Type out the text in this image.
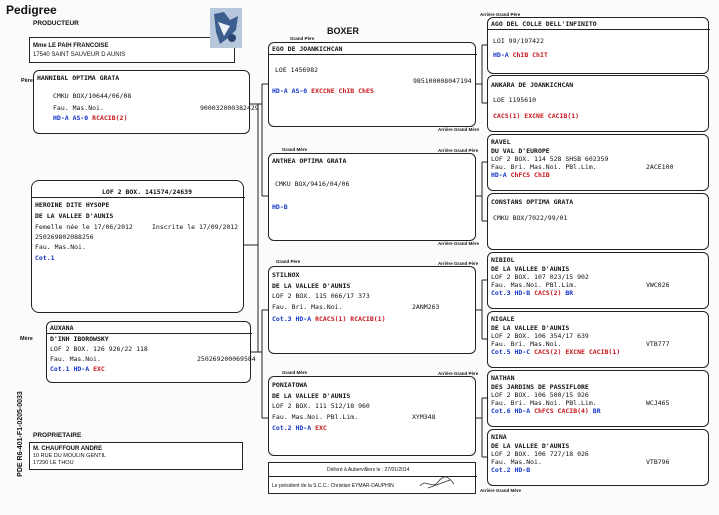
Pedigree
PRODUCTEUR
BOXER
Mme LE PAIH FRANCOISE
17540 SAINT SAUVEUR D AUNIS
PDE R6-401-F1-0205-0033
Père
Mère
HANNIBAL OPTIMA GRATA
CMKU BOX/10644/06/08
Fau. Mas.Noi.	900032000382429
HD-A AS-0 RCACIB(2)
LOF 2 BOX. 141574/24639
HEROINE DITE HYSOPE
DE LA VALLEE D'AUNIS
Femelle née le 17/06/2012	Inscrite le 17/09/2012
250269802088256
Fau. Mas.Noi.
Cot.1
AUXANA
D'INH IBOROWSKY
LOF 2 BOX. 126 926/22 118
Fau. Mas.Noi.	250269200069584
Cot.1 HD-A EXC
PROPRIETAIRE
M. CHAUFFOUR ANDRE
10 RUE DU MOULIN GENTIL
17290 LE THOU
Grand Père
Grand Mère
Grand Père
Grand Mère
EGO DE JOANKICHCAN
LOE 1456982
985100008047194
HD-A AS-0 EXCCNE ChIB ChES
Arrière Grand Mère
ANTHEA OPTIMA GRATA
CMKU BOX/9416/04/06
HD-B
Arrière Grand Mère
Arrière Grand Père
STILNOX
DE LA VALLEE D'AUNIS
LOF 2 BOX. 115 066/17 373
Fau. Bri. Mas.Noi.	2ANM263
Cot.3 HD-A RCACS(1) RCACIB(1)
Arrière Grand Père
PONIATOWA
DE LA VALLEE D'AUNIS
LOF 2 BOX. 111 512/18 960
Fau. Mas.Noi. PBl.Lim.	XYM348
Cot.2 HD-A EXC
Arrière Grand Père
Délivré à Aubervilliers le : 27/01/2014
Le président de la S.C.C.: Christian EYMAR-DAUPHIN
Arrière Grand Père
AGO DEL COLLE DELL'INFINITO
LOI 99/197422
HD-A ChIB ChIT
ANKARA DE JOANKICHCAN
LOE 1195610
CACS(1) EXCNE CACIB(1)
RAVEL
DU VAL D'EUROPE
LOF 2 BOX. 114 528 SHSB 602359
Fau. Bri. Mas.Noi. PBl.Lim.	2ACE100
HD-A ChFCS ChIB
CONSTANS OPTIMA GRATA
CMKU BOX/7022/99/01
NIBIOL
DE LA VALLEE D'AUNIS
LOF 2 BOX. 107 023/15 902
Fau. Mas.Noi. PBl.Lim.	VWC026
Cot.3 HD-B CACS(2) BR
NIGALE
DE LA VALLEE D'AUNIS
LOF 2 BOX. 106 354/17 639
Fau. Bri. Mas.Noi.	VTB777
Cot.5 HD-C CACS(2) EXCNE CACIB(1)
NATHAN
DES JARDINS DE PASSIFLORE
LOF 2 BOX. 106 500/15 926
Fau. Bri. Mas.Noi. PBl.Lim.	WCJ465
Cot.6 HD-A ChFCS CACIB(4) BR
NINA
DE LA VALLEE D'AUNIS
LOF 2 BOX. 106 727/18 026
Fau. Mas.Noi.	VTB796
Cot.2 HD-B
Arrière Grand Mère
